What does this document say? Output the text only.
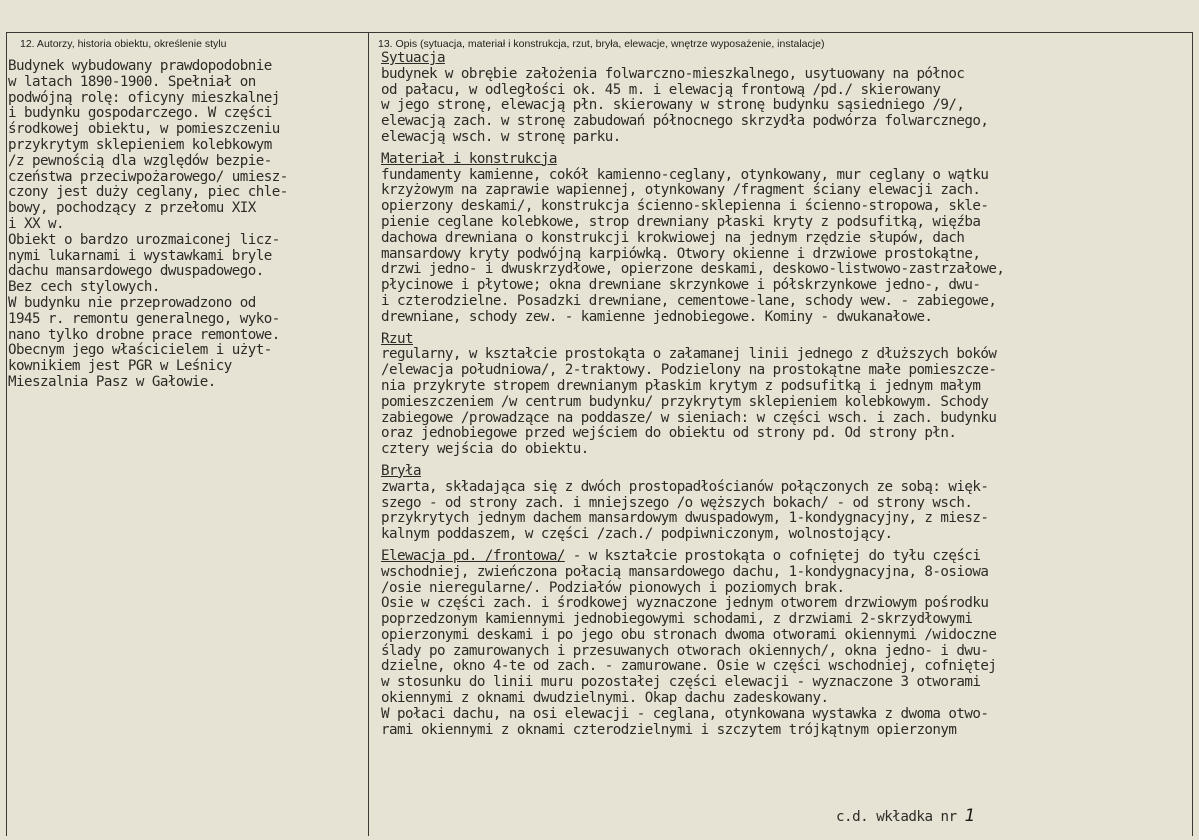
12. Autorzy, historia obiektu, określenie stylu	13. Opis (sytuacja, materiał i konstrukcja, rzut, bryła, elewacje, wnętrze wyposażenie, instalacje)
Budynek wybudowany prawdopodobnie
w latach 1890-1900. Spełniał on
podwójną rolę: oficyny mieszkalnej
i budynku gospodarczego. W części
środkowej obiektu, w pomieszczeniu
przykrytym sklepieniem kolebkowym
/z pewnością dla względów bezpie-
czeństwa przeciwpożarowego/ umiesz-
czony jest duży ceglany, piec chle-
bowy, pochodzący z przełomu XIX
i XX w.
Obiekt o bardzo urozmaiconej licz-
nymi lukarnami i wystawkami bryle
dachu mansardowego dwuspadowego.
Bez cech stylowych.
W budynku nie przeprowadzono od
1945 r. remontu generalnego, wyko-
nano tylko drobne prace remontowe.
Obecnym jego właścicielem i użyt-
kownikiem jest PGR w Leśnicy
Mieszalnia Pasz w Gałowie.
Sytuacja
budynek w obrębie założenia folwarczno-mieszkalnego, usytuowany na północ
od pałacu, w odległości ok. 45 m. i elewacją frontową /pd./ skierowany
w jego stronę, elewacją płn. skierowany w stronę budynku sąsiedniego /9/,
elewacją zach. w stronę zabudowań północnego skrzydła podwórza folwarcznego,
elewacją wsch. w stronę parku.
Materiał i konstrukcja
fundamenty kamienne, cokół kamienno-ceglany, otynkowany, mur ceglany o wątku
krzyżowym na zaprawie wapiennej, otynkowany /fragment ściany elewacji zach.
opierzony deskami/, konstrukcja ścienno-sklepienna i ścienno-stropowa, skle-
pienie ceglane kolebkowe, strop drewniany płaski kryty z podsufitką, więźba
dachowa drewniana o konstrukcji krokwiowej na jednym rzędzie słupów, dach
mansardowy kryty podwójną karpiówką. Otwory okienne i drzwiowe prostokątne,
drzwi jedno- i dwuskrzydłowe, opierzone deskami, deskowo-listwowo-zastrzałowe,
płycinowe i płytowe; okna drewniane skrzynkowe i półskrzynkowe jedno-, dwu-
i czterodzielne. Posadzki drewniane, cementowe-lane, schody wew. - zabiegowe,
drewniane, schody zew. - kamienne jednobiegowe. Kominy - dwukanałowe.
Rzut
regularny, w kształcie prostokąta o załamanej linii jednego z dłuższych boków
/elewacja południowa/, 2-traktowy. Podzielony na prostokątne małe pomieszcze-
nia przykryte stropem drewnianym płaskim krytym z podsufitką i jednym małym
pomieszczeniem /w centrum budynku/ przykrytym sklepieniem kolebkowym. Schody
zabiegowe /prowadzące na poddasze/ w sieniach: w części wsch. i zach. budynku
oraz jednobiegowe przed wejściem do obiektu od strony pd. Od strony płn.
cztery wejścia do obiektu.
Bryła
zwarta, składająca się z dwóch prostopadłościanów połączonych ze sobą: więk-
szego - od strony zach. i mniejszego /o węższych bokach/ - od strony wsch.
przykrytych jednym dachem mansardowym dwuspadowym, 1-kondygnacyjny, z miesz-
kalnym poddaszem, w części /zach./ podpiwniczonym, wolnostojący.
Elewacja pd. /frontowa/ - w kształcie prostokąta o cofniętej do tyłu części
wschodniej, zwieńczona połacią mansardowego dachu, 1-kondygnacyjna, 8-osiowa
/osie nieregularne/. Podziałów pionowych i poziomych brak.
Osie w części zach. i środkowej wyznaczone jednym otworem drzwiowym pośrodku
poprzedzonym kamiennymi jednobiegowymi schodami, z drzwiami 2-skrzydłowymi
opierzonymi deskami i po jego obu stronach dwoma otworami okiennymi /widoczne
ślady po zamurowanych i przesuwanych otworach okiennych/, okna jedno- i dwu-
dzielne, okno 4-te od zach. - zamurowane. Osie w części wschodniej, cofniętej
w stosunku do linii muru pozostałej części elewacji - wyznaczone 3 otworami
okiennymi z oknami dwudzielnymi. Okap dachu zadeskowany.
W połaci dachu, na osi elewacji - ceglana, otynkowana wystawka z dwoma otwo-
rami okiennymi z oknami czterodzielnymi i szczytem trójkątnym opierzonym
c.d. wkładka nr 1
